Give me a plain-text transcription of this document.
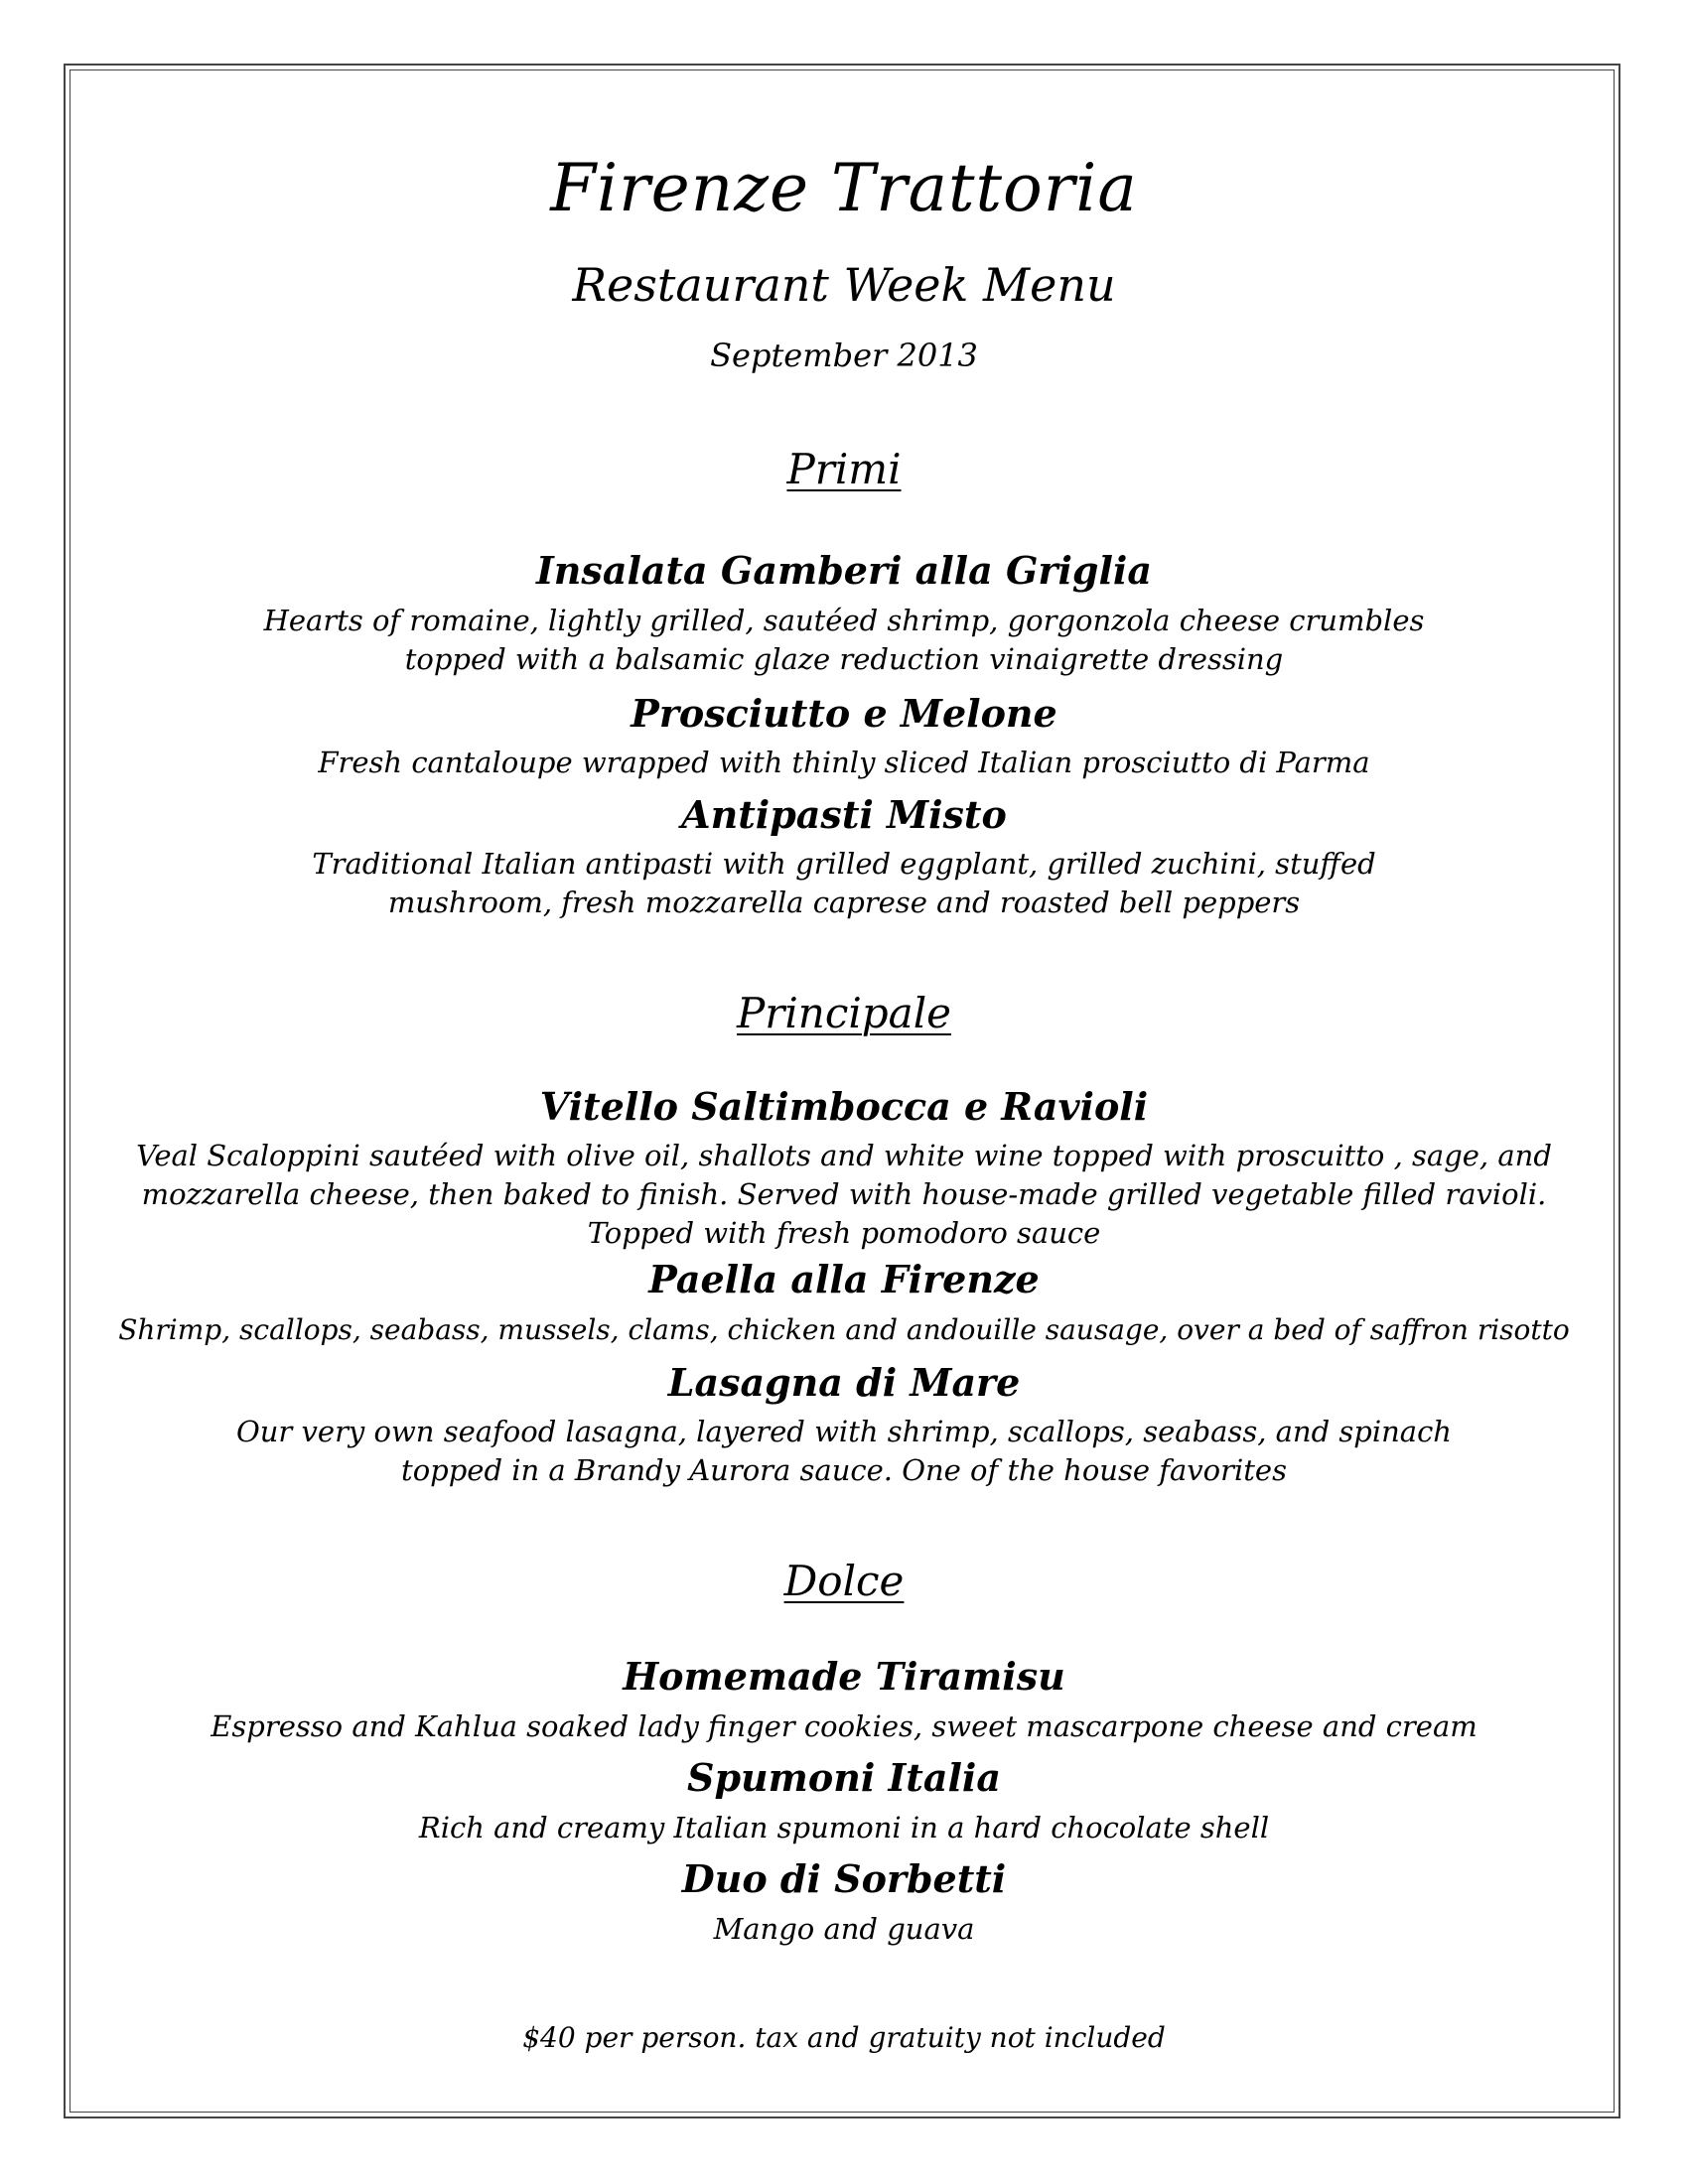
Firenze Trattoria
Restaurant Week Menu
September 2013
Primi
Insalata Gamberi alla Griglia
Hearts of romaine, lightly grilled, sautéed shrimp, gorgonzola cheese crumbles topped with a balsamic glaze reduction vinaigrette dressing
Prosciutto e Melone
Fresh cantaloupe wrapped with thinly sliced Italian prosciutto di Parma
Antipasti Misto
Traditional Italian antipasti with grilled eggplant, grilled zuchini, stuffed mushroom, fresh mozzarella caprese and roasted bell peppers
Principale
Vitello Saltimbocca e Ravioli
Veal Scaloppini sautéed with olive oil, shallots and white wine topped with proscuitto , sage, and mozzarella cheese, then baked to finish. Served with house-made grilled vegetable filled ravioli. Topped with fresh pomodoro sauce
Paella alla Firenze
Shrimp, scallops, seabass, mussels, clams, chicken and andouille sausage, over a bed of saffron risotto
Lasagna di Mare
Our very own seafood lasagna, layered with shrimp, scallops, seabass, and spinach topped in a Brandy Aurora sauce. One of the house favorites
Dolce
Homemade Tiramisu
Espresso and Kahlua soaked lady finger cookies, sweet mascarpone cheese and cream
Spumoni Italia
Rich and creamy Italian spumoni in a hard chocolate shell
Duo di Sorbetti
Mango and guava
$40 per person. tax and gratuity not included
